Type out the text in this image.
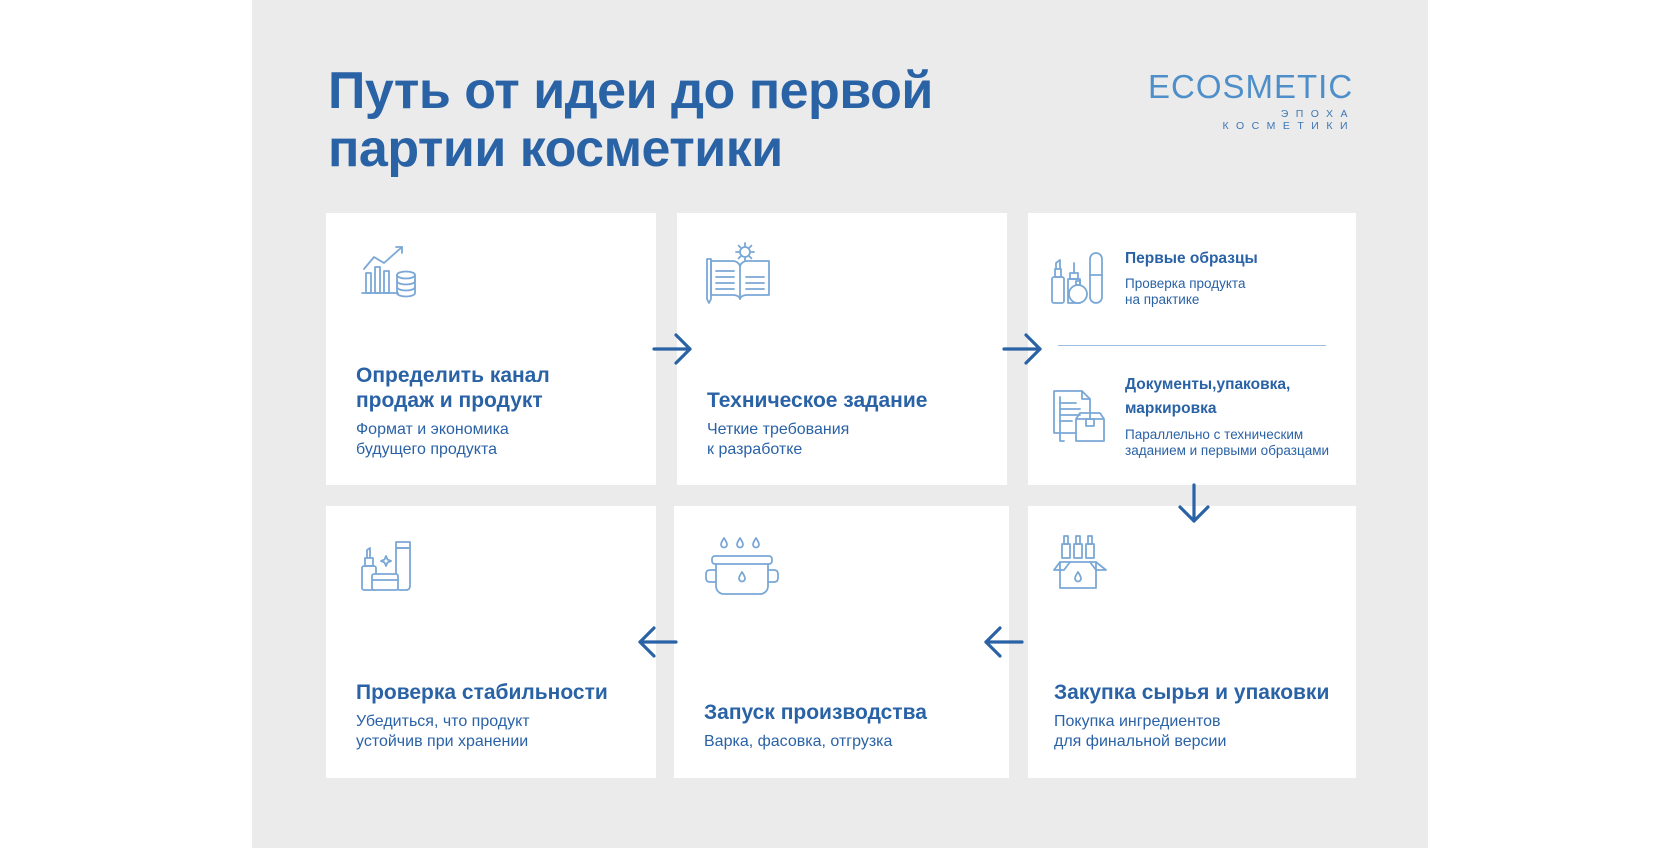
Путь от идеи до первой
партии косметики
ECOSMETIC
ЭПОХА КОСМЕТИКИ
Определить канал
продаж и продукт

Формат и экономика
будущего продукта

Техническое задание

Четкие требования
к разработке

Первые образцы

Проверка продукта
на практике

Документы,упаковка,
маркировка

Параллельно с техническим
заданием и первыми образцами

Закупка сырья и упаковки

Покупка ингредиентов
для финальной версии

Запуск производства

Варка, фасовка, отгрузка

Проверка стабильности

Убедиться, что продукт
устойчив при хранении
